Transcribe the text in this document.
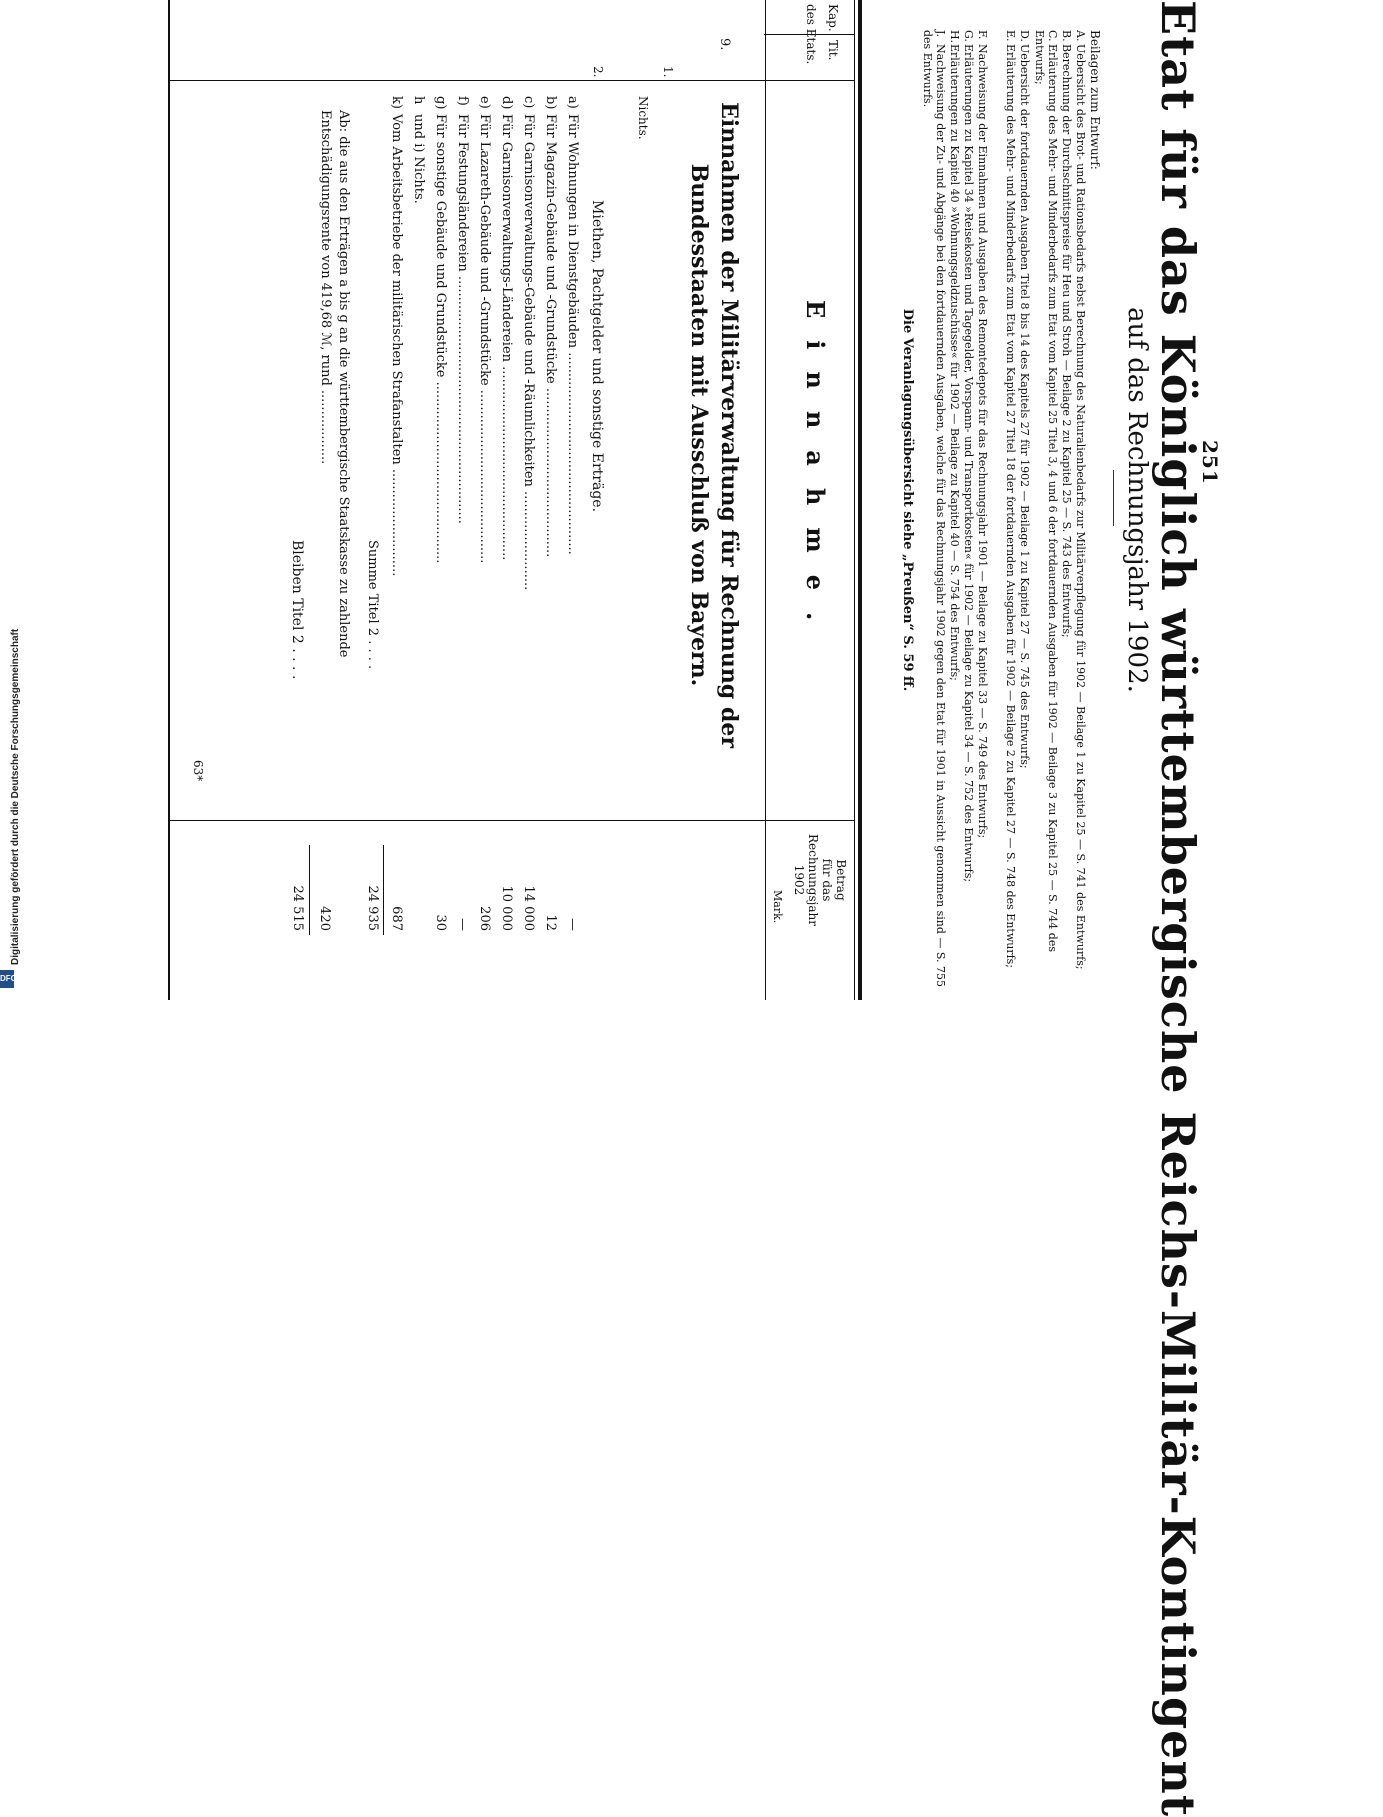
251
Etat für das Königlich württembergische Reichs-Militär-Kontingent
auf das Rechnungsjahr 1902.
Beilagen zum Entwurf:
A.Uebersicht des Brot- und Rationsbedarfs nebst Berechnung des Naturalienbedarfs zur Militärverpflegung für 1902 — Beilage 1 zu Kapitel 25 — S. 741 des Entwurfs;
B.Berechnung der Durchschnittspreise für Heu und Stroh — Beilage 2 zu Kapitel 25 — S. 743 des Entwurfs;
C.Erläuterung des Mehr- und Minderbedarfs zum Etat vom Kapitel 25 Titel 3, 4 und 6 der fortdauernden Ausgaben für 1902 — Beilage 3 zu Kapitel 25 — S. 744 des Entwurfs;
D.Uebersicht der fortdauernden Ausgaben Titel 8 bis 14 des Kapitels 27 für 1902 — Beilage 1 zu Kapitel 27 — S. 745 des Entwurfs;
E.Erläuterung des Mehr- und Minderbedarfs zum Etat vom Kapitel 27 Titel 18 der fortdauernden Ausgaben für 1902 — Beilage 2 zu Kapitel 27 — S. 748 des Entwurfs;
F.Nachweisung der Einnahmen und Ausgaben des Remontedepots für das Rechnungsjahr 1901 — Beilage zu Kapitel 33 — S. 749 des Entwurfs;
G.Erläuterungen zu Kapitel 34 »Reisekosten und Tagegelder, Vorspann- und Transportkosten« für 1902 — Beilage zu Kapitel 34 — S. 752 des Entwurfs;
H.Erläuterungen zu Kapitel 40 »Wohnungsgeldzuschüsse« für 1902 — Beilage zu Kapitel 40 — S. 754 des Entwurfs;
J.Nachweisung der Zu- und Abgänge bei den fortdauernden Ausgaben, welche für das Rechnungsjahr 1902 gegen den Etat für 1901 in Aussicht genommen sind — S. 755 des Entwurfs.
Die Veranlagungsübersicht siehe „Preußen“ S. 59 ff.
Kap.
Tit.
des Etats.
Einnahme.
Betrag
für das
Rechnungsjahr
1902
Mark.
9.
Einnahmen der Militärverwaltung für Rechnung der Bundesstaaten mit Ausschluß von Bayern.
1.
Nichts.
2.
Miethen, Pachtgelder und sonstige Erträge.
a)Für Wohnungen in Dienstgebäuden .................................................
—
b)Für Magazin-Gebäude und -Grundstücke .........................................
12
c)Für Garnisonverwaltungs-Gebäude und -Räumlichkeiten ........................
14 000
d)Für Garnisonverwaltungs-Ländereien ...............................................
10 000
e)Für Lazareth-Gebäude und -Grundstücke ..........................................
206
f)Für Festungsländereien ............................................................
—
g)Für sonstige Gebäude und Grundstücke ............................................
30
hund i) Nichts.
k)Vom Arbeitsbetriebe der militärischen Strafanstalten ..........................
687
Summe Titel 2 . . . .
24 935
Ab: die aus den Erträgen a bis g an die württembergische Staatskasse zu zahlende Entschädigungsrente von 419,68 ℳ, rund ..................
420
Bleiben Titel 2 . . . .
24 515
63*
DFG
Digitalisierung gefördert durch die Deutsche Forschungsgemeinschaft
